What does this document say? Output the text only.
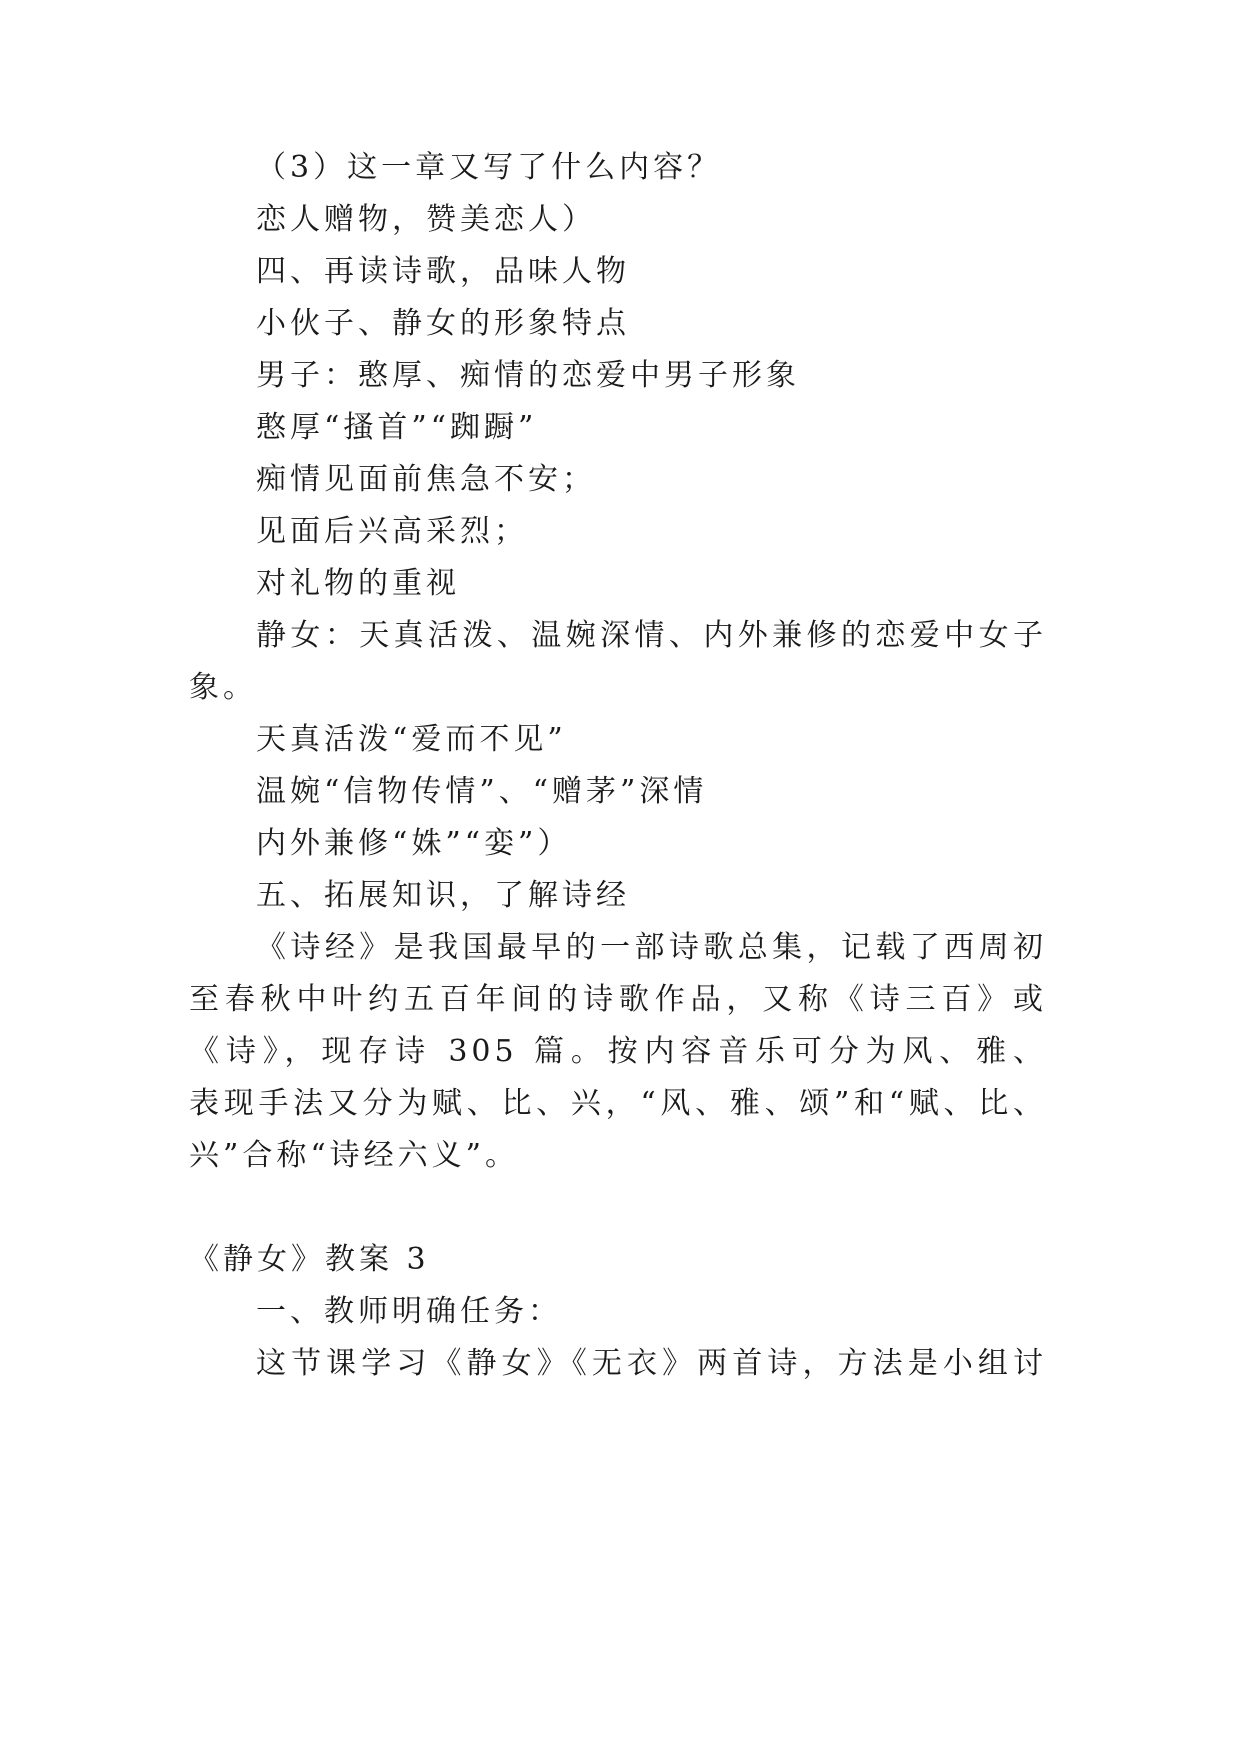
（3）这一章又写了什么内容？
恋人赠物，赞美恋人）
四、再读诗歌，品味人物
小伙子、静女的形象特点
男子：憨厚、痴情的恋爱中男子形象
憨厚“搔首”“踟蹰”
痴情见面前焦急不安；
见面后兴高采烈；
对礼物的重视
静女：天真活泼、温婉深情、内外兼修的恋爱中女子
象。
天真活泼“爱而不见”
温婉“信物传情”、“赠茅”深情
内外兼修“姝”“娈”）
五、拓展知识，了解诗经
《诗经》是我国最早的一部诗歌总集，记载了西周初
至春秋中叶约五百年间的诗歌作品，又称《诗三百》或
《诗》，现存诗 305 篇。按内容音乐可分为风、雅、
表现手法又分为赋、比、兴，“风、雅、颂”和“赋、比、
兴”合称“诗经六义”。
《静女》教案 3
一、教师明确任务：
这节课学习《静女》《无衣》两首诗，方法是小组讨
